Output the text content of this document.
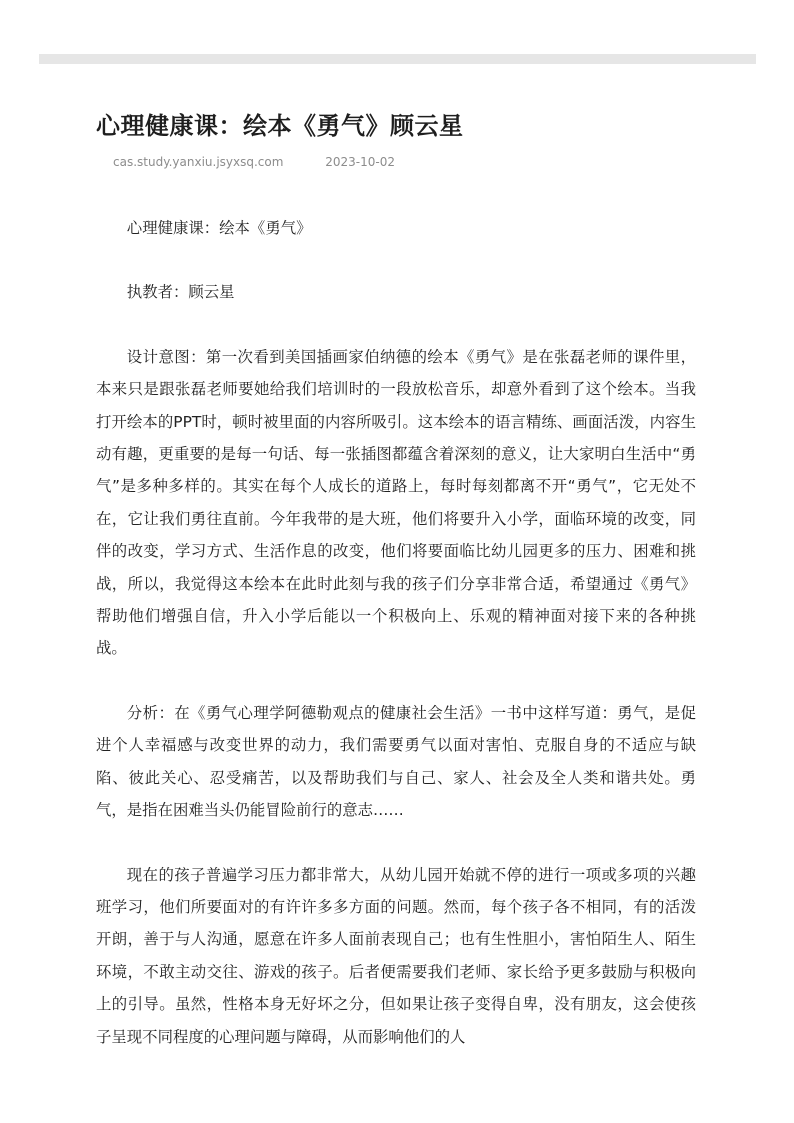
心理健康课：绘本《勇气》顾云星
cas.study.yanxiu.jsyxsq.com	2023-10-02

心理健康课：绘本《勇气》

执教者：顾云星

设计意图：第一次看到美国插画家伯纳德的绘本《勇气》是在张磊老师的课件里，本来只是跟张磊老师要她给我们培训时的一段放松音乐，却意外看到了这个绘本。当我打开绘本的PPT时，顿时被里面的内容所吸引。这本绘本的语言精练、画面活泼，内容生动有趣，更重要的是每一句话、每一张插图都蕴含着深刻的意义，让大家明白生活中“勇气”是多种多样的。其实在每个人成长的道路上，每时每刻都离不开“勇气”，它无处不在，它让我们勇往直前。今年我带的是大班，他们将要升入小学，面临环境的改变，同伴的改变，学习方式、生活作息的改变，他们将要面临比幼儿园更多的压力、困难和挑战，所以，我觉得这本绘本在此时此刻与我的孩子们分享非常合适，希望通过《勇气》帮助他们增强自信，升入小学后能以一个积极向上、乐观的精神面对接下来的各种挑战。

分析：在《勇气心理学阿德勒观点的健康社会生活》一书中这样写道：勇气，是促进个人幸福感与改变世界的动力，我们需要勇气以面对害怕、克服自身的不适应与缺陷、彼此关心、忍受痛苦，以及帮助我们与自己、家人、社会及全人类和谐共处。勇气，是指在困难当头仍能冒险前行的意志……

现在的孩子普遍学习压力都非常大，从幼儿园开始就不停的进行一项或多项的兴趣班学习，他们所要面对的有许许多多方面的问题。然而，每个孩子各不相同，有的活泼开朗，善于与人沟通，愿意在许多人面前表现自己；也有生性胆小，害怕陌生人、陌生环境，不敢主动交往、游戏的孩子。后者便需要我们老师、家长给予更多鼓励与积极向上的引导。虽然，性格本身无好坏之分，但如果让孩子变得自卑，没有朋友，这会使孩子呈现不同程度的心理问题与障碍，从而影响他们的人
